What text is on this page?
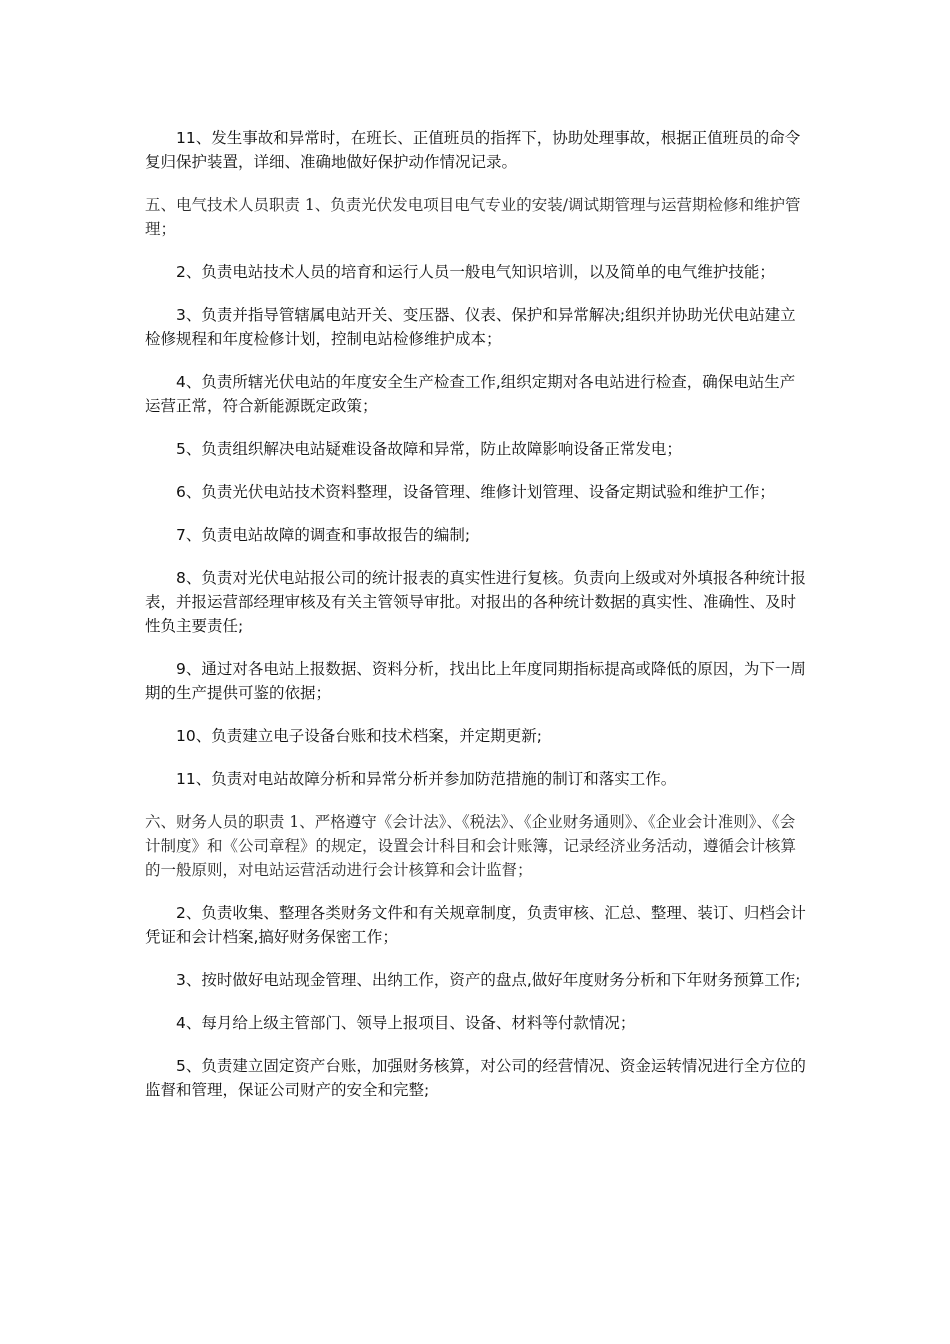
11、发生事故和异常时，在班长、正值班员的指挥下，协助处理事故，根据正值班员的命令复归保护装置，详细、准确地做好保护动作情况记录。

五、电气技术人员职责 1、负责光伏发电项目电气专业的安装/调试期管理与运营期检修和维护管理；

2、负责电站技术人员的培育和运行人员一般电气知识培训，以及简单的电气维护技能；

3、负责并指导管辖属电站开关、变压器、仪表、保护和异常解决;组织并协助光伏电站建立检修规程和年度检修计划，控制电站检修维护成本；

4、负责所辖光伏电站的年度安全生产检查工作,组织定期对各电站进行检查，确保电站生产运营正常，符合新能源既定政策；

5、负责组织解决电站疑难设备故障和异常，防止故障影响设备正常发电；

6、负责光伏电站技术资料整理，设备管理、维修计划管理、设备定期试验和维护工作；

7、负责电站故障的调查和事故报告的编制;

8、负责对光伏电站报公司的统计报表的真实性进行复核。负责向上级或对外填报各种统计报表，并报运营部经理审核及有关主管领导审批。对报出的各种统计数据的真实性、准确性、及时性负主要责任;

9、通过对各电站上报数据、资料分析，找出比上年度同期指标提高或降低的原因，为下一周期的生产提供可鉴的依据；

10、负责建立电子设备台账和技术档案，并定期更新;

11、负责对电站故障分析和异常分析并参加防范措施的制订和落实工作。

六、财务人员的职责 1、严格遵守《会计法》、《税法》、《企业财务通则》、《企业会计准则》、《会计制度》和《公司章程》的规定，设置会计科目和会计账簿，记录经济业务活动，遵循会计核算的一般原则，对电站运营活动进行会计核算和会计监督；

2、负责收集、整理各类财务文件和有关规章制度，负责审核、汇总、整理、装订、归档会计凭证和会计档案,搞好财务保密工作；

3、按时做好电站现金管理、出纳工作，资产的盘点,做好年度财务分析和下年财务预算工作;

4、每月给上级主管部门、领导上报项目、设备、材料等付款情况；

5、负责建立固定资产台账，加强财务核算，对公司的经营情况、资金运转情况进行全方位的监督和管理，保证公司财产的安全和完整;
